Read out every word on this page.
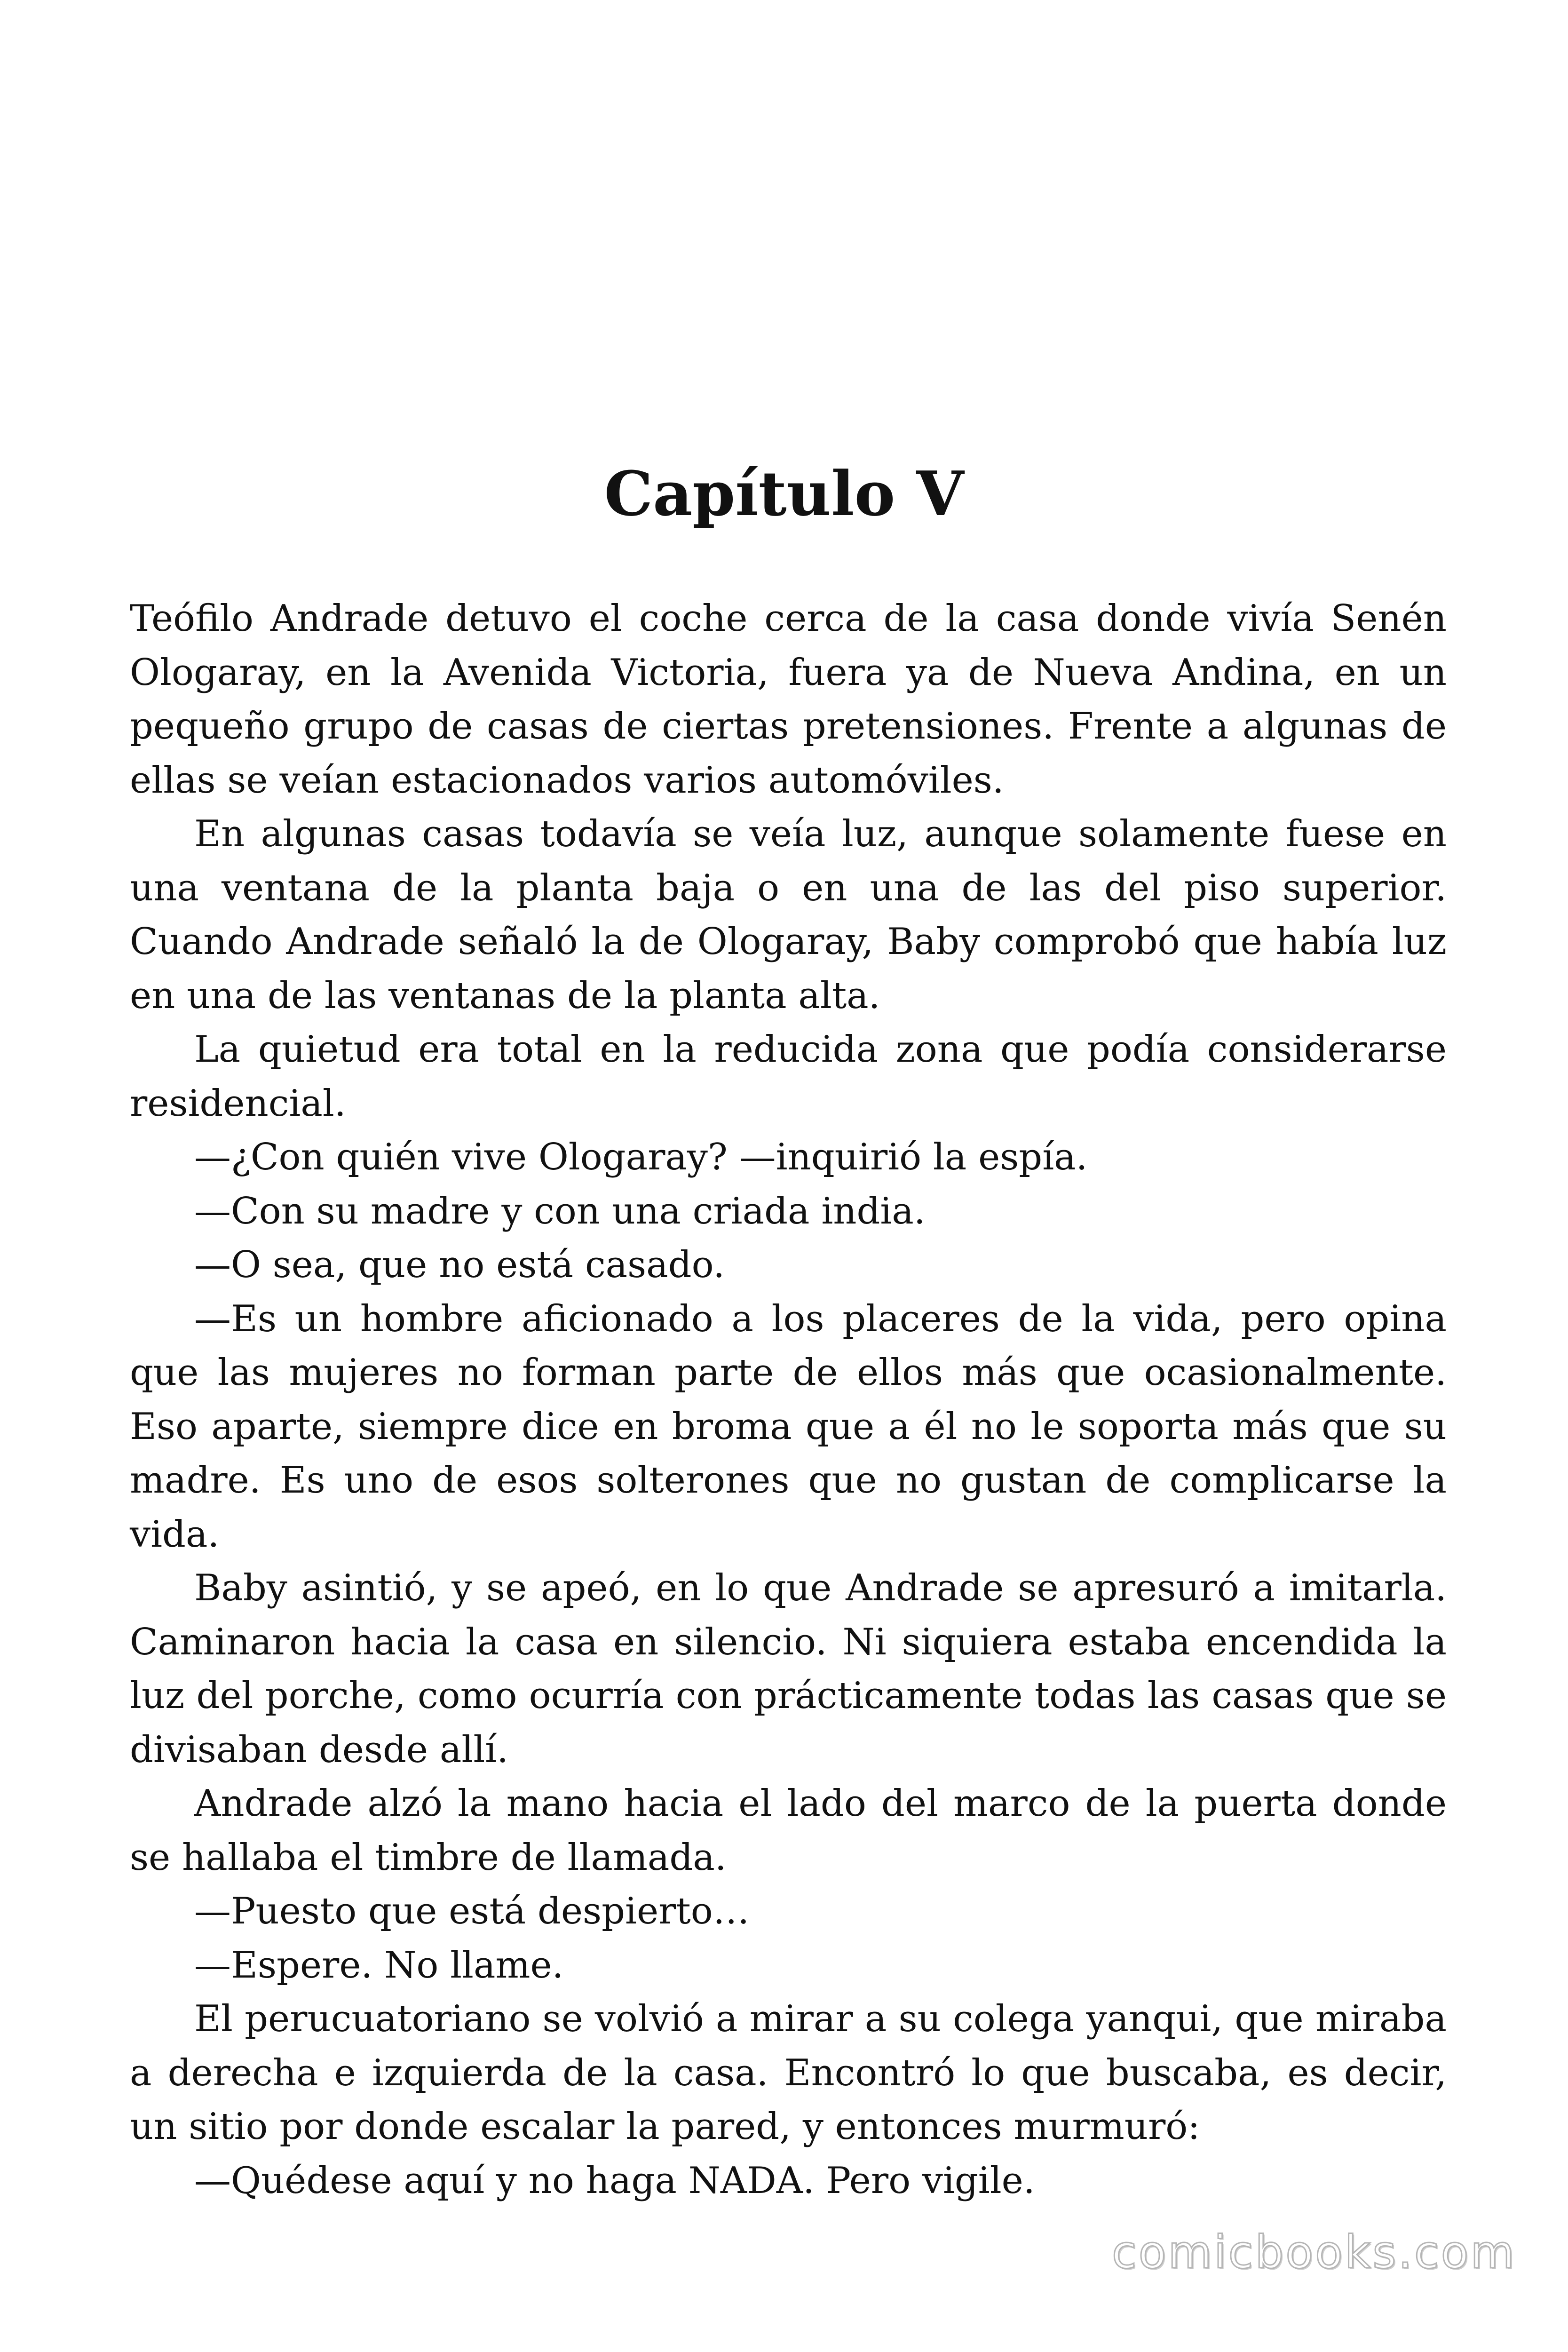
Capítulo V

Teófilo Andrade detuvo el coche cerca de la casa donde vivía Senén Ologaray, en la Avenida Victoria, fuera ya de Nueva Andina, en un pequeño grupo de casas de ciertas pretensiones. Frente a algunas de ellas se veían estacionados varios automóviles.

En algunas casas todavía se veía luz, aunque solamente fuese en una ventana de la planta baja o en una de las del piso superior. Cuando Andrade señaló la de Ologaray, Baby comprobó que había luz en una de las ventanas de la planta alta.

La quietud era total en la reducida zona que podía considerarse residencial.

—¿Con quién vive Ologaray? —inquirió la espía.

—Con su madre y con una criada india.

—O sea, que no está casado.

—Es un hombre aficionado a los placeres de la vida, pero opina que las mujeres no forman parte de ellos más que ocasionalmente. Eso aparte, siempre dice en broma que a él no le soporta más que su madre. Es uno de esos solterones que no gustan de complicarse la vida.

Baby asintió, y se apeó, en lo que Andrade se apresuró a imitarla. Caminaron hacia la casa en silencio. Ni siquiera estaba encendida la luz del porche, como ocurría con prácticamente todas las casas que se divisaban desde allí.

Andrade alzó la mano hacia el lado del marco de la puerta donde se hallaba el timbre de llamada.

—Puesto que está despierto…

—Espere. No llame.

El perucuatoriano se volvió a mirar a su colega yanqui, que miraba a derecha e izquierda de la casa. Encontró lo que buscaba, es decir, un sitio por donde escalar la pared, y entonces murmuró:

—Quédese aquí y no haga NADA. Pero vigile.

comicbooks.com
